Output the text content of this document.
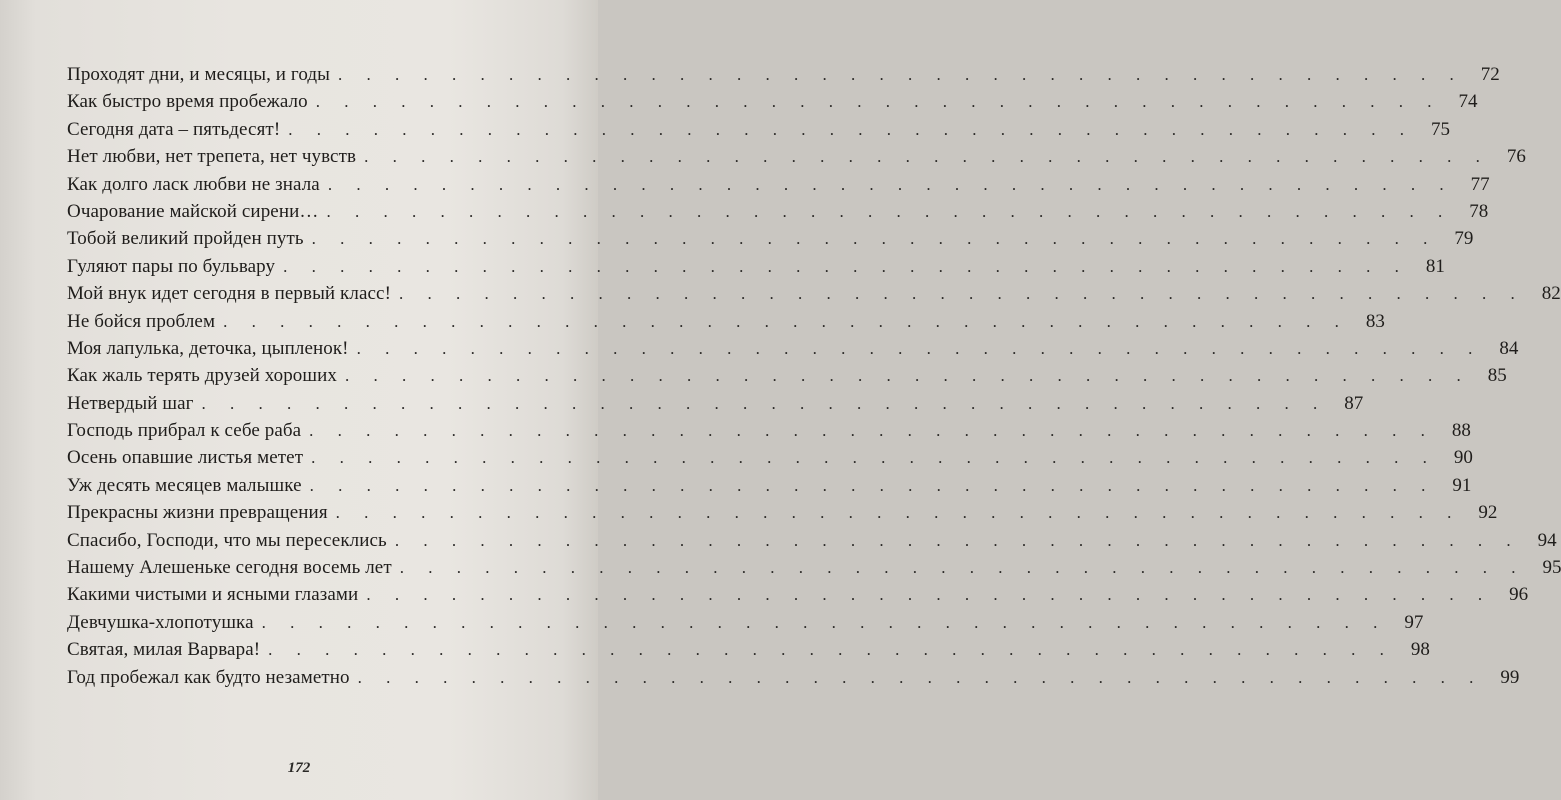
Проходят дни, и месяцы, и годы . . . . . . . . . . . . . . . . . . . . . . . . . . . . . . . . . . . . . . . . 72
Как быстро время пробежало . . . . . . . . . . . . . . . . . . . . . . . . . . . . . . . . . . . . . . . . 74
Сегодня дата – пятьдесят! . . . . . . . . . . . . . . . . . . . . . . . . . . . . . . . . . . . . . . . . 75
Нет любви, нет трепета, нет чувств . . . . . . . . . . . . . . . . . . . . . . . . . . . . . . . . . . . . . . . . 76
Как долго ласк любви не знала . . . . . . . . . . . . . . . . . . . . . . . . . . . . . . . . . . . . . . . . 77
Очарование майской сирени… . . . . . . . . . . . . . . . . . . . . . . . . . . . . . . . . . . . . . . . . 78
Тобой великий пройден путь . . . . . . . . . . . . . . . . . . . . . . . . . . . . . . . . . . . . . . . . 79
Гуляют пары по бульвару . . . . . . . . . . . . . . . . . . . . . . . . . . . . . . . . . . . . . . . . 81
Мой внук идет сегодня в первый класс! . . . . . . . . . . . . . . . . . . . . . . . . . . . . . . . . . . . . . . . . 82
Не бойся проблем . . . . . . . . . . . . . . . . . . . . . . . . . . . . . . . . . . . . . . . . 83
Моя лапулька, деточка, цыпленок! . . . . . . . . . . . . . . . . . . . . . . . . . . . . . . . . . . . . . . . . 84
Как жаль терять друзей хороших . . . . . . . . . . . . . . . . . . . . . . . . . . . . . . . . . . . . . . . . 85
Нетвердый шаг . . . . . . . . . . . . . . . . . . . . . . . . . . . . . . . . . . . . . . . . 87
Господь прибрал к себе раба . . . . . . . . . . . . . . . . . . . . . . . . . . . . . . . . . . . . . . . . 88
Осень опавшие листья метет . . . . . . . . . . . . . . . . . . . . . . . . . . . . . . . . . . . . . . . . 90
Уж десять месяцев малышке . . . . . . . . . . . . . . . . . . . . . . . . . . . . . . . . . . . . . . . . 91
Прекрасны жизни превращения . . . . . . . . . . . . . . . . . . . . . . . . . . . . . . . . . . . . . . . . 92
Спасибо, Господи, что мы пересеклись . . . . . . . . . . . . . . . . . . . . . . . . . . . . . . . . . . . . . . . . 94
Нашему Алешеньке сегодня восемь лет . . . . . . . . . . . . . . . . . . . . . . . . . . . . . . . . . . . . . . . . 95
Какими чистыми и ясными глазами . . . . . . . . . . . . . . . . . . . . . . . . . . . . . . . . . . . . . . . . 96
Девчушка-хлопотушка . . . . . . . . . . . . . . . . . . . . . . . . . . . . . . . . . . . . . . . . 97
Святая, милая Варвара! . . . . . . . . . . . . . . . . . . . . . . . . . . . . . . . . . . . . . . . . 98
Год пробежал как будто незаметно . . . . . . . . . . . . . . . . . . . . . . . . . . . . . . . . . . . . . . . . 99
172
